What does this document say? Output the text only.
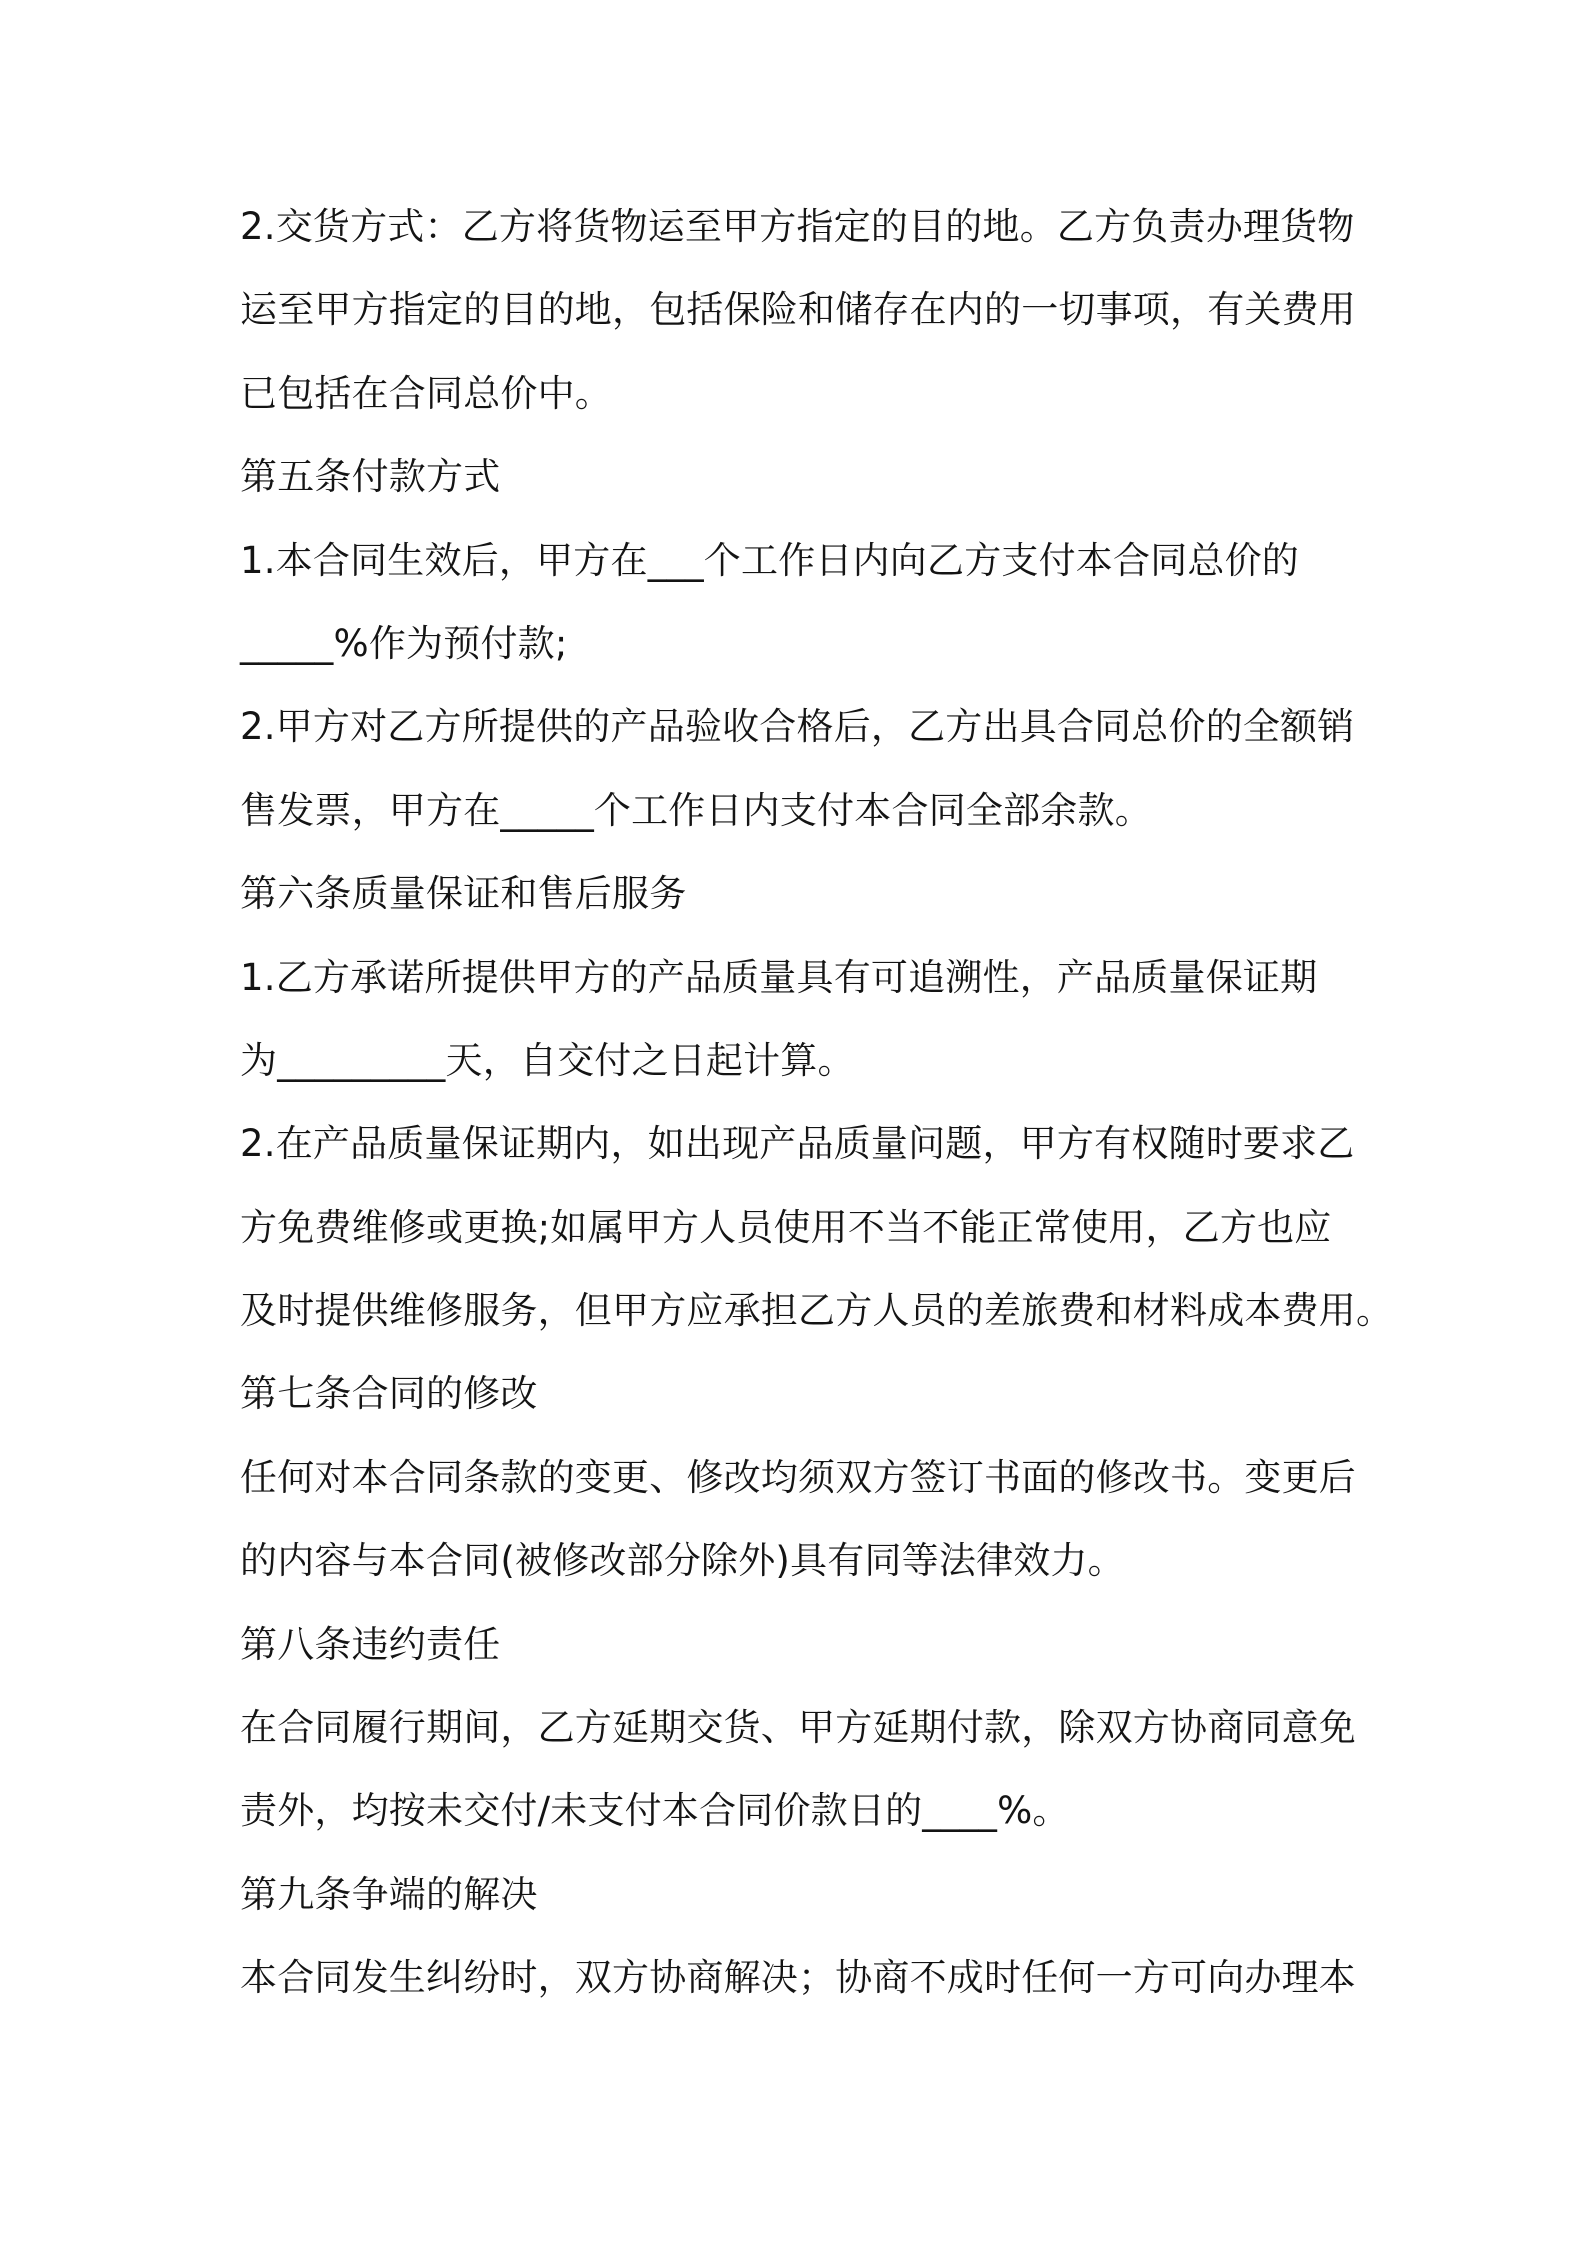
2.交货方式：乙方将货物运至甲方指定的目的地。乙方负责办理货物
运至甲方指定的目的地，包括保险和储存在内的一切事项，有关费用
已包括在合同总价中。
第五条付款方式
1.本合同生效后，甲方在___个工作日内向乙方支付本合同总价的
_____%作为预付款;
2.甲方对乙方所提供的产品验收合格后，乙方出具合同总价的全额销
售发票，甲方在_____个工作日内支付本合同全部余款。
第六条质量保证和售后服务
1.乙方承诺所提供甲方的产品质量具有可追溯性，产品质量保证期
为_________天，自交付之日起计算。
2.在产品质量保证期内，如出现产品质量问题，甲方有权随时要求乙
方免费维修或更换;如属甲方人员使用不当不能正常使用，乙方也应
及时提供维修服务，但甲方应承担乙方人员的差旅费和材料成本费用。
第七条合同的修改
任何对本合同条款的变更、修改均须双方签订书面的修改书。变更后
的内容与本合同(被修改部分除外)具有同等法律效力。
第八条违约责任
在合同履行期间，乙方延期交货、甲方延期付款，除双方协商同意免
责外，均按未交付/未支付本合同价款日的____%。
第九条争端的解决
本合同发生纠纷时，双方协商解决；协商不成时任何一方可向办理本
